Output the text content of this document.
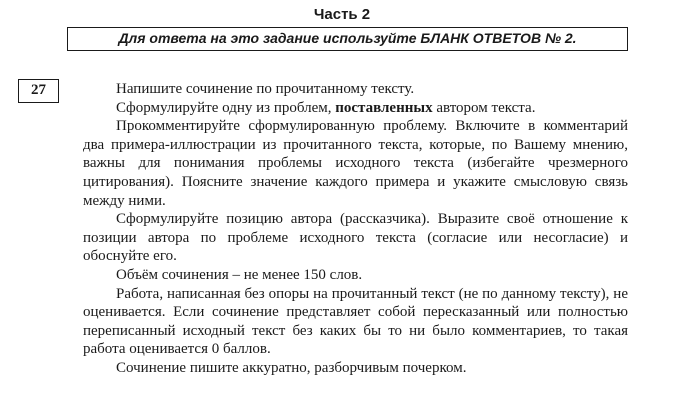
Часть 2
Для ответа на это задание используйте БЛАНК ОТВЕТОВ № 2.
27	Напишите сочинение по прочитанному тексту.

Сформулируйте одну из проблем, поставленных автором текста.

Прокомментируйте сформулированную проблему. Включите в комментарий два примера-иллюстрации из прочитанного текста, которые, по Вашему мнению, важны для понимания проблемы исходного текста (избегайте чрезмерного цитирования). Поясните значение каждого примера и укажите смысловую связь между ними.

Сформулируйте позицию автора (рассказчика). Выразите своё отношение к позиции автора по проблеме исходного текста (согласие или несогласие) и обоснуйте его.

Объём сочинения – не менее 150 слов.

Работа, написанная без опоры на прочитанный текст (не по данному тексту), не оценивается. Если сочинение представляет собой пересказанный или полностью переписанный исходный текст без каких бы то ни было комментариев, то такая работа оценивается 0 баллов.

Сочинение пишите аккуратно, разборчивым почерком.
